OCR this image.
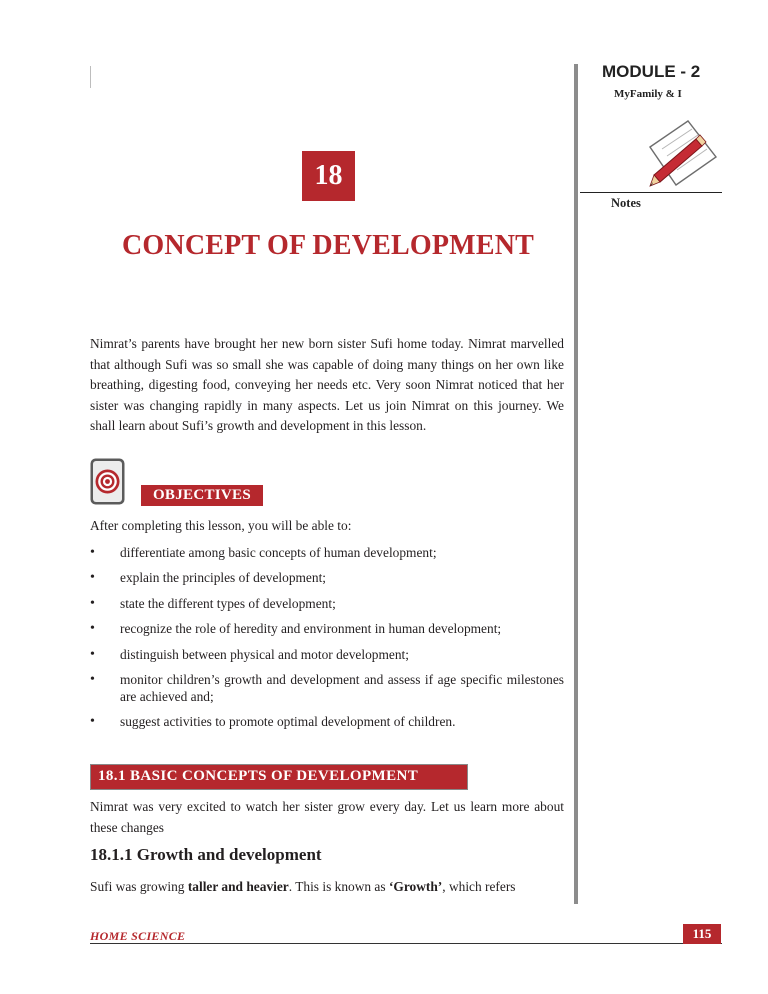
MODULE - 2
MyFamily & I
Notes
18
CONCEPT OF DEVELOPMENT
Nimrat’s parents have brought her new born sister Sufi home today. Nimrat marvelled that although Sufi was so small she was capable of doing many things on her own like breathing, digesting food, conveying her needs etc. Very soon Nimrat noticed that her sister was changing rapidly in many aspects. Let us join Nimrat on this journey. We shall learn about Sufi’s growth and development in this lesson.
OBJECTIVES
After completing this lesson, you will be able to:
• differentiate among basic concepts of human development;
• explain the principles of development;
• state the different types of development;
• recognize the role of heredity and environment in human development;
• distinguish between physical and motor development;
• monitor children’s growth and development and assess if age specific milestones are achieved and;
• suggest activities to promote optimal development of children.
18.1 BASIC CONCEPTS OF DEVELOPMENT
Nimrat was very excited to watch her sister grow every day. Let us learn more about these changes
18.1.1 Growth and development
Sufi was growing taller and heavier. This is known as ‘Growth’, which refers
HOME SCIENCE	115
